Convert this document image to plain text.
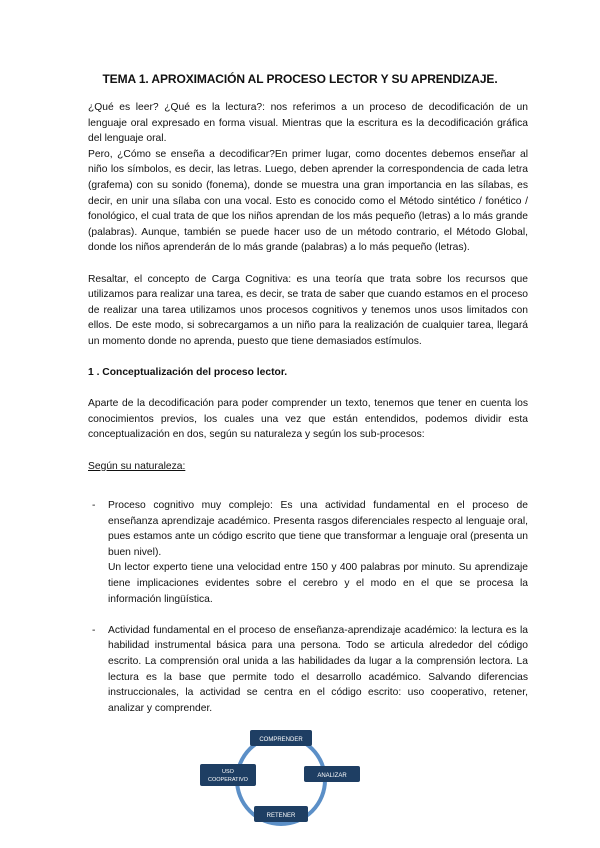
TEMA 1. APROXIMACIÓN AL PROCESO LECTOR Y SU APRENDIZAJE.

¿Qué es leer? ¿Qué es la lectura?: nos referimos a un proceso de decodificación de un lenguaje oral expresado en forma visual. Mientras que la escritura es la decodificación gráfica del lenguaje oral.

Pero, ¿Cómo se enseña a decodificar?En primer lugar, como docentes debemos enseñar al niño los símbolos, es decir, las letras. Luego, deben aprender la correspondencia de cada letra (grafema) con su sonido (fonema), donde se muestra una gran importancia en las sílabas, es decir, en unir una sílaba con una vocal. Esto es conocido como el Método sintético / fonético / fonológico, el cual trata de que los niños aprendan de los más pequeño (letras) a lo más grande (palabras). Aunque, también se puede hacer uso de un método contrario, el Método Global, donde los niños aprenderán de lo más grande (palabras) a lo más pequeño (letras).

Resaltar, el concepto de Carga Cognitiva: es una teoría que trata sobre los recursos que utilizamos para realizar una tarea, es decir, se trata de saber que cuando estamos en el proceso de realizar una tarea utilizamos unos procesos cognitivos y tenemos unos usos limitados con ellos. De este modo, si sobrecargamos a un niño para la realización de cualquier tarea, llegará un momento donde no aprenda, puesto que tiene demasiados estímulos.

1 . Conceptualización del proceso lector.

Aparte de la decodificación para poder comprender un texto, tenemos que tener en cuenta los conocimientos previos, los cuales una vez que están entendidos, podemos dividir esta conceptualización en dos, según su naturaleza y según los sub-procesos:

Según su naturaleza:

- Proceso cognitivo muy complejo: Es una actividad fundamental en el proceso de enseñanza aprendizaje académico. Presenta rasgos diferenciales respecto al lenguaje oral, pues estamos ante un código escrito que tiene que transformar a lenguaje oral (presenta un buen nivel).

Un lector experto tiene una velocidad entre 150 y 400 palabras por minuto. Su aprendizaje tiene implicaciones evidentes sobre el cerebro y el modo en el que se procesa la información lingüística.

- Actividad fundamental en el proceso de enseñanza-aprendizaje académico: la lectura es la habilidad instrumental básica para una persona. Todo se articula alrededor del código escrito. La comprensión oral unida a las habilidades da lugar a la comprensión lectora. La lectura es la base que permite todo el desarrollo académico. Salvando diferencias instruccionales, la actividad se centra en el código escrito: uso cooperativo, retener, analizar y comprender.

COMPRENDER
ANALIZAR
RETENER
USO
COOPERATIVO
